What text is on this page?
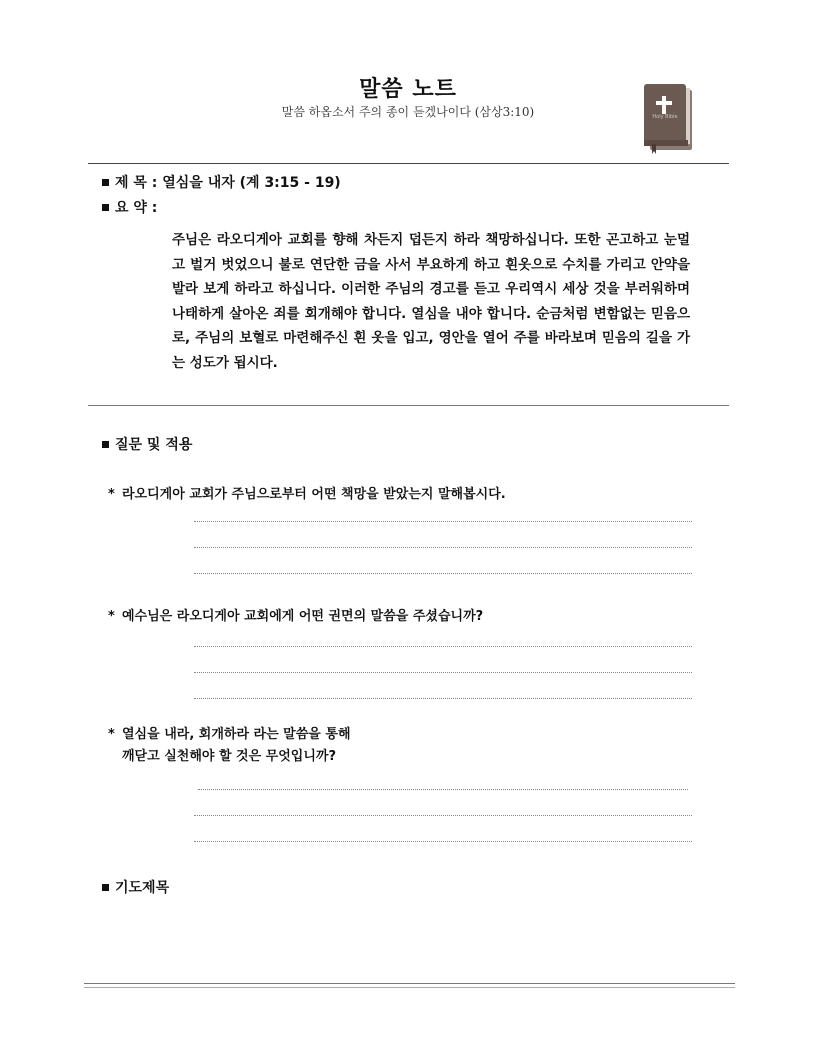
말씀 노트
말씀 하옵소서 주의 종이 듣겠나이다 (삼상3:10)	Holy Bible
제 목 : 열심을 내자 (계 3:15 - 19)
요 약 :
주님은 라오디게아 교회를 향해 차든지 덥든지 하라 책망하십니다. 또한 곤고하고 눈멀고 벌거 벗었으니 불로 연단한 금을 사서 부요하게 하고 흰옷으로 수치를 가리고 안약을 발라 보게 하라고 하십니다. 이러한 주님의 경고를 듣고 우리역시 세상 것을 부러워하며 나태하게 살아온 죄를 회개해야 합니다. 열심을 내야 합니다. 순금처럼 변함없는 믿음으로, 주님의 보혈로 마련해주신 흰 옷을 입고, 영안을 열어 주를 바라보며 믿음의 길을 가는 성도가 됩시다.
질문 및 적용
* 라오디게아 교회가 주님으로부터 어떤 책망을 받았는지 말해봅시다.
* 예수님은 라오디게아 교회에게 어떤 권면의 말씀을 주셨습니까?
* 열심을 내라, 회개하라 라는 말씀을 통해
깨닫고 실천해야 할 것은 무엇입니까?
기도제목
